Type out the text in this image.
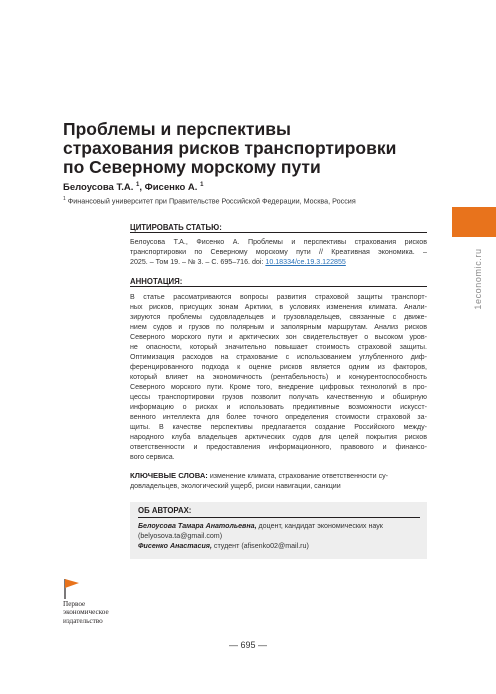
1economic.ru
Проблемы и перспективы
страхования рисков транспортировки
по Северному морскому пути
Белоусова Т.А. $^1$, Фисенко А. $^1$
$^1$ Финансовый университет при Правительстве Российской Федерации, Москва, Россия
ЦИТИРОВАТЬ СТАТЬЮ:
Белоусова Т.А., Фисенко А. Проблемы и перспективы страхования рисков
транспортировки по Северному морскому пути // Креативная экономика. –
2025. – Том 19. – № 3. – С. 695–716. doi: 10.18334/ce.19.3.122855
АННОТАЦИЯ:
В статье рассматриваются вопросы развития страховой защиты транспорт-
ных рисков, присущих зонам Арктики, в условиях изменения климата. Анали-
зируются проблемы судовладельцев и грузовладельцев, связанные с движе-
нием судов и грузов по полярным и заполярным маршрутам. Анализ рисков
Северного морского пути и арктических зон свидетельствует о высоком уров-
не опасности, который значительно повышает стоимость страховой защиты.
Оптимизация расходов на страхование с использованием углубленного диф-
ференцированного подхода к оценке рисков является одним из факторов,
который влияет на экономичность (рентабельность) и конкурентоспособность
Северного морского пути. Кроме того, внедрение цифровых технологий в про-
цессы транспортировки грузов позволит получать качественную и обширную
информацию о рисках и использовать предиктивные возможности искусст-
венного интеллекта для более точного определения стоимости страховой за-
щиты. В качестве перспективы предлагается создание Российского между-
народного клуба владельцев арктических судов для целей покрытия рисков
ответственности и предоставления информационного, правового и финансо-
вого сервиса.
КЛЮЧЕВЫЕ СЛОВА: изменение климата, страхование ответственности су-
довладельцев, экологический ущерб, риски навигации, санкции
ОБ АВТОРАХ:
Белоусова Тамара Анатольевна, доцент, кандидат экономических наук
(belyosova.ta@gmail.com)
Фисенко Анастасия, студент (afisenko02@mail.ru)
Первое
экономическое
издательство
— 695 —
